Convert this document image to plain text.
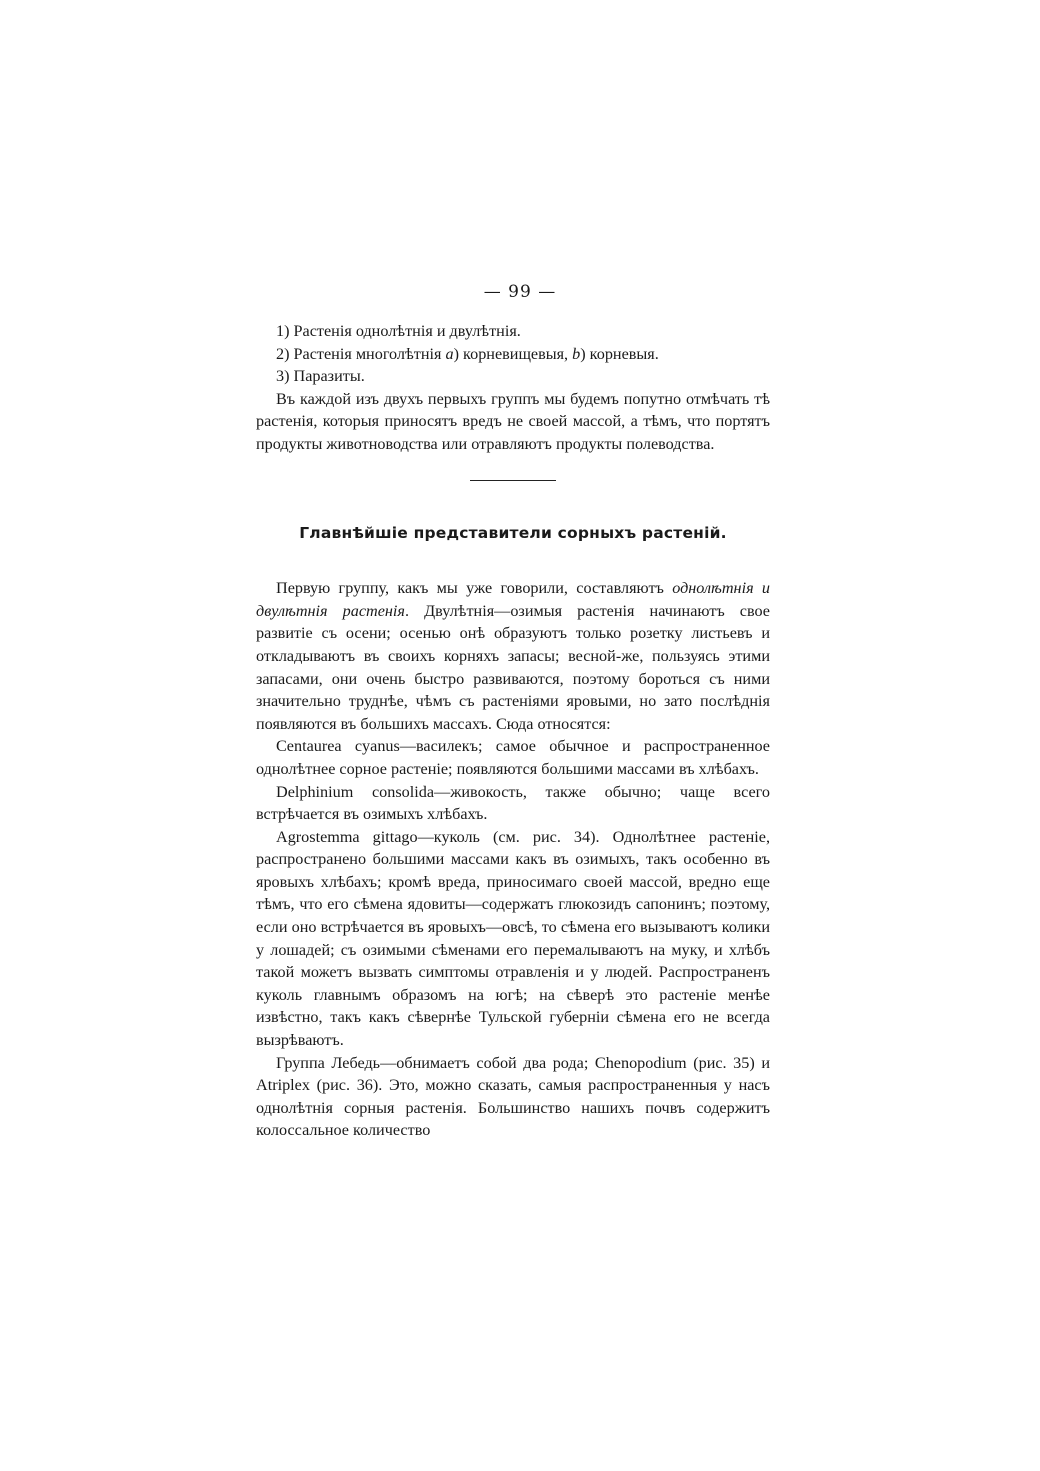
— 99 —

1) Растенія однолѣтнія и двулѣтнія.

2) Растенія многолѣтнія a) корневищевыя, b) корневыя.

3) Паразиты.

Въ каждой изъ двухъ первыхъ группъ мы будемъ попутно отмѣчать тѣ растенія, которыя приносятъ вредъ не своей массой, а тѣмъ, что портятъ продукты животноводства или отравляютъ продукты полеводства.

Главнѣйшіе представители сорныхъ растеній.

Первую группу, какъ мы уже говорили, составляютъ однолѣтнія и двулѣтнія растенія. Двулѣтнія—озимыя растенія начинаютъ свое развитіе съ осени; осенью онѣ образуютъ только розетку листьевъ и откладываютъ въ своихъ корняхъ запасы; весной-же, пользуясь этими запасами, они очень быстро развиваются, поэтому бороться съ ними значительно труднѣе, чѣмъ съ растеніями яровыми, но зато послѣднія появляются въ большихъ массахъ. Сюда относятся:

Centaurea cyanus—василекъ; самое обычное и распространенное однолѣтнее сорное растеніе; появляются большими массами въ хлѣбахъ.

Delphinium consolida—живокость, также обычно; чаще всего встрѣчается въ озимыхъ хлѣбахъ.

Agrostemma gittago—куколь (см. рис. 34). Однолѣтнее растеніе, распространено большими массами какъ въ озимыхъ, такъ особенно въ яровыхъ хлѣбахъ; кромѣ вреда, приносимаго своей массой, вредно еще тѣмъ, что его сѣмена ядовиты—содержатъ глюкозидъ сапонинъ; поэтому, если оно встрѣчается въ яровыхъ—овсѣ, то сѣмена его вызываютъ колики у лошадей; съ озимыми сѣменами его перемалываютъ на муку, и хлѣбъ такой можетъ вызвать симптомы отравленія и у людей. Распространенъ куколь главнымъ образомъ на югѣ; на сѣверѣ это растеніе менѣе извѣстно, такъ какъ сѣвернѣе Тульской губерніи сѣмена его не всегда вызрѣваютъ.

Группа Лебедь—обнимаетъ собой два рода; Chenopodium (рис. 35) и Atriplex (рис. 36). Это, можно сказать, самыя распространенныя у насъ однолѣтнія сорныя растенія. Большинство нашихъ почвъ содержитъ колоссальное количество
